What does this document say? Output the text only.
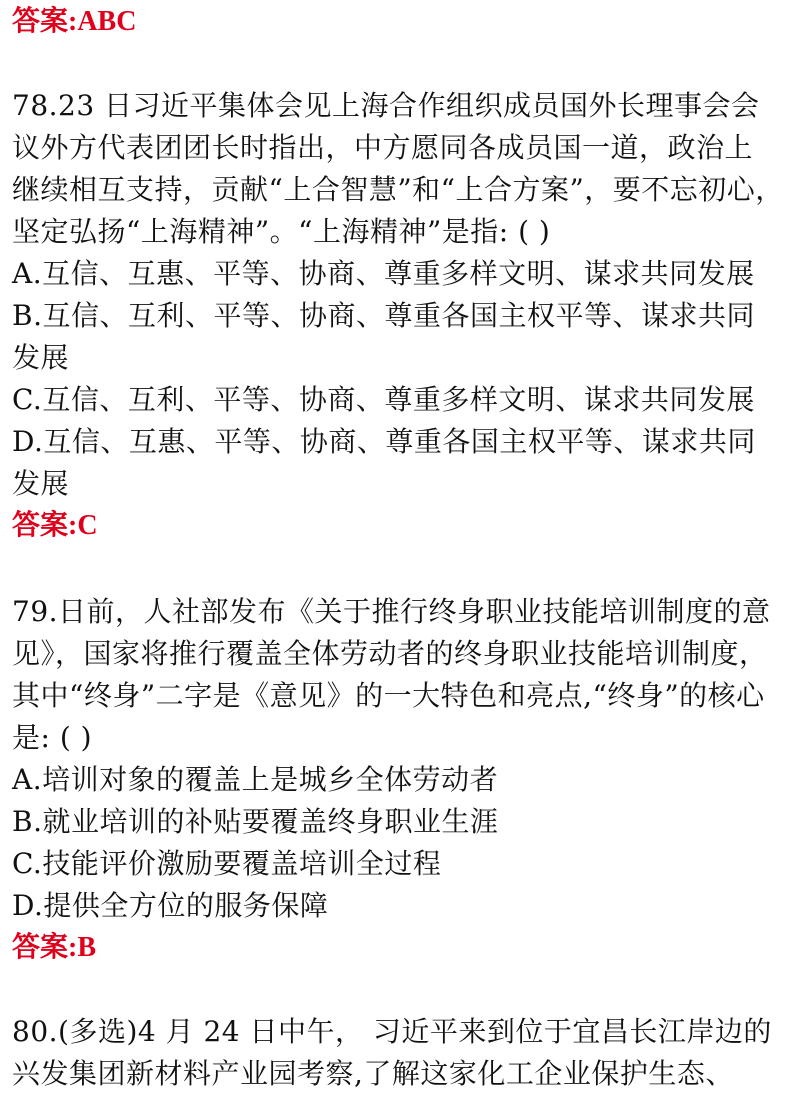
答案:ABC
78.23 日习近平集体会见上海合作组织成员国外长理事会会
议外方代表团团长时指出，中方愿同各成员国一道，政治上
继续相互支持，贡献“上合智慧”和“上合方案”，要不忘初心，
坚定弘扬“上海精神”。“上海精神”是指: ( )
A.互信、互惠、平等、协商、尊重多样文明、谋求共同发展
B.互信、互利、平等、协商、尊重各国主权平等、谋求共同
发展
C.互信、互利、平等、协商、尊重多样文明、谋求共同发展
D.互信、互惠、平等、协商、尊重各国主权平等、谋求共同
发展
答案:C
79.日前，人社部发布《关于推行终身职业技能培训制度的意
见》，国家将推行覆盖全体劳动者的终身职业技能培训制度，
其中“终身”二字是《意见》的一大特色和亮点,“终身”的核心
是: ( )
A.培训对象的覆盖上是城乡全体劳动者
B.就业培训的补贴要覆盖终身职业生涯
C.技能评价激励要覆盖培训全过程
D.提供全方位的服务保障
答案:B
80.(多选)4 月 24 日中午， 习近平来到位于宜昌长江岸边的
兴发集团新材料产业园考察,了解这家化工企业保护生态、
